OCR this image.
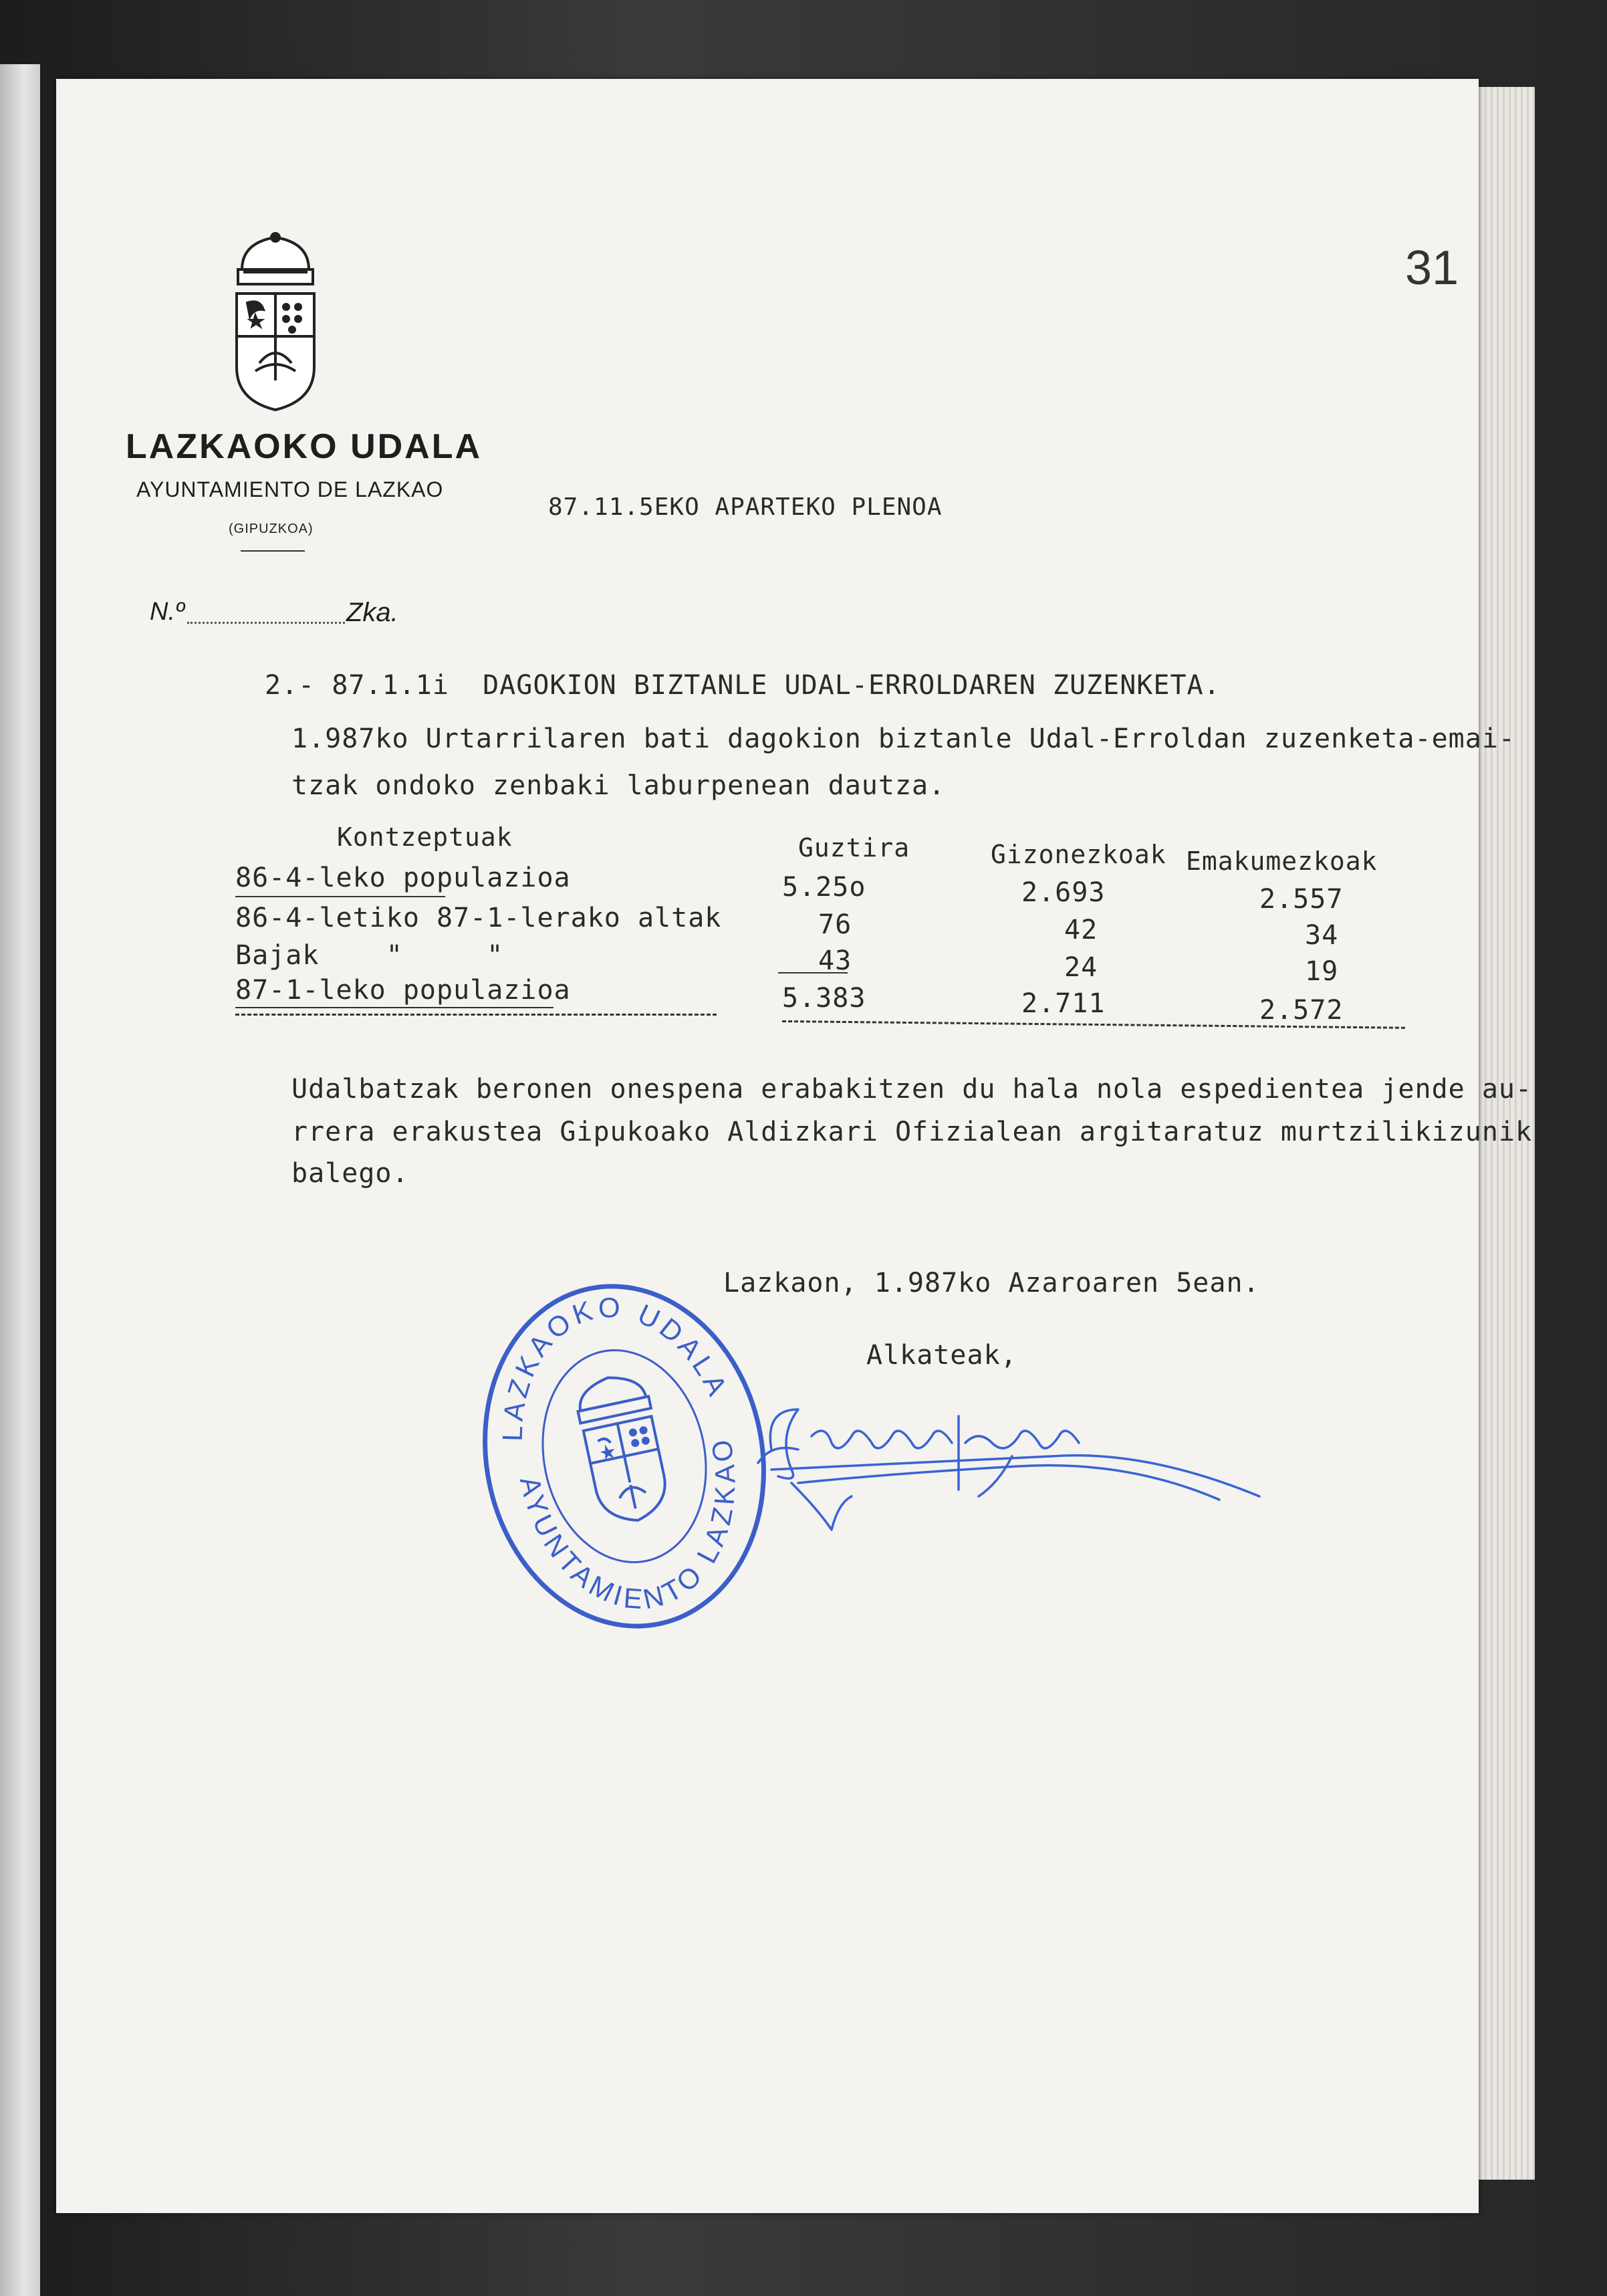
LAZKAOKO UDALA
AYUNTAMIENTO DE LAZKAO
(GIPUZKOA)
N.º	Zka.
31
87.11.5EKO APARTEKO PLENOA
2.- 87.1.1i DAGOKION BIZTANLE UDAL-ERROLDAREN ZUZENKETA.
1.987ko Urtarrilaren bati dagokion biztanle Udal-Erroldan zuzenketa-emai-
tzak ondoko zenbaki laburpenean dautza.
Kontzeptuak	Guztira	Gizonezkoak Emakumezkoak
86-4-leko populazioa	5.25o	2.693	2.557
86-4-letiko 87-1-lerako altak	76	42	34
Bajak    "     "	43	24	19
87-1-leko populazioa	5.383	2.711	2.572
Udalbatzak beronen onespena erabakitzen du hala nola espedientea jende au-
rrera erakustea Gipukoako Aldizkari Ofizialean argitaratuz murtzilikizunik
balego.
Lazkaon, 1.987ko Azaroaren 5ean.
Alkateak,
LAZKAOKO UDALA
AYUNTAMIENTO LAZKAO
